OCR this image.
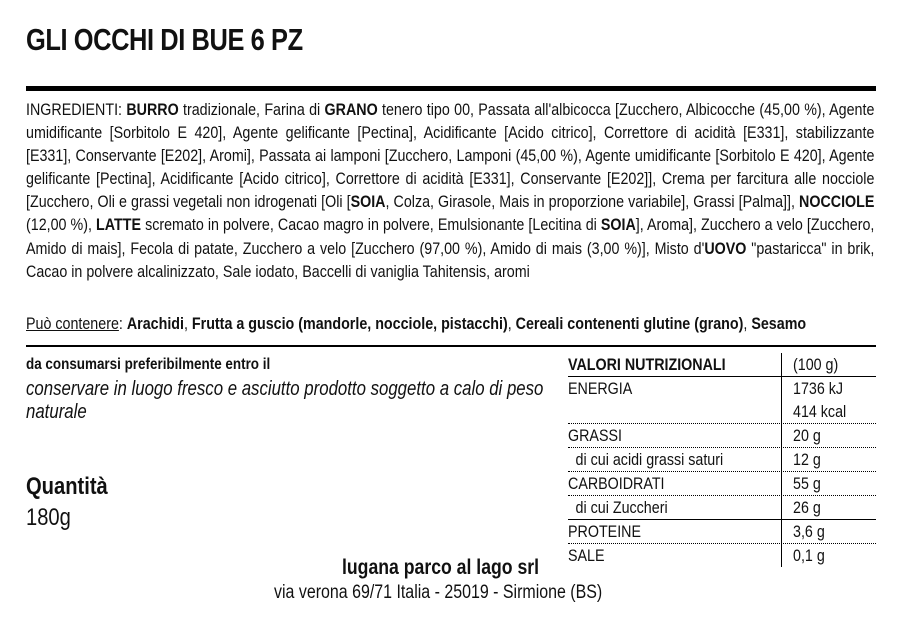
GLI OCCHI DI BUE 6 PZ
INGREDIENTI: BURRO tradizionale, Farina di GRANO tenero tipo 00, Passata all'albicocca [Zucchero, Albicocche (45,00 %), Agente umidificante [Sorbitolo E 420], Agente gelificante [Pectina], Acidificante [Acido citrico], Correttore di acidità [E331], stabilizzante [E331], Conservante [E202], Aromi], Passata ai lamponi [Zucchero, Lamponi (45,00 %), Agente umidificante [Sorbitolo E 420], Agente gelificante [Pectina], Acidificante [Acido citrico], Correttore di acidità [E331], Conservante [E202]], Crema per farcitura alle nocciole [Zucchero, Oli e grassi vegetali non idrogenati [Oli [SOIA, Colza, Girasole, Mais in proporzione variabile], Grassi [Palma]], NOCCIOLE (12,00 %), LATTE scremato in polvere, Cacao magro in polvere, Emulsionante [Lecitina di SOIA], Aroma], Zucchero a velo [Zucchero, Amido di mais], Fecola di patate, Zucchero a velo [Zucchero (97,00 %), Amido di mais (3,00 %)], Misto d'UOVO "pastaricca" in brik, Cacao in polvere alcalinizzato, Sale iodato, Baccelli di vaniglia Tahitensis, aromi
Può contenere: Arachidi, Frutta a guscio (mandorle, nocciole, pistacchi), Cereali contenenti glutine (grano), Sesamo
da consumarsi preferibilmente entro il
conservare in luogo fresco e asciutto prodotto soggetto a calo di peso naturale
Quantità
180g
VALORI NUTRIZIONALI	(100 g)
ENERGIA	1736 kJ
414 kcal
GRASSI	20 g
di cui acidi grassi saturi	12 g
CARBOIDRATI	55 g
di cui Zuccheri	26 g
PROTEINE	3,6 g
SALE	0,1 g
lugana parco al lago srl
via verona 69/71 Italia - 25019 - Sirmione (BS)
